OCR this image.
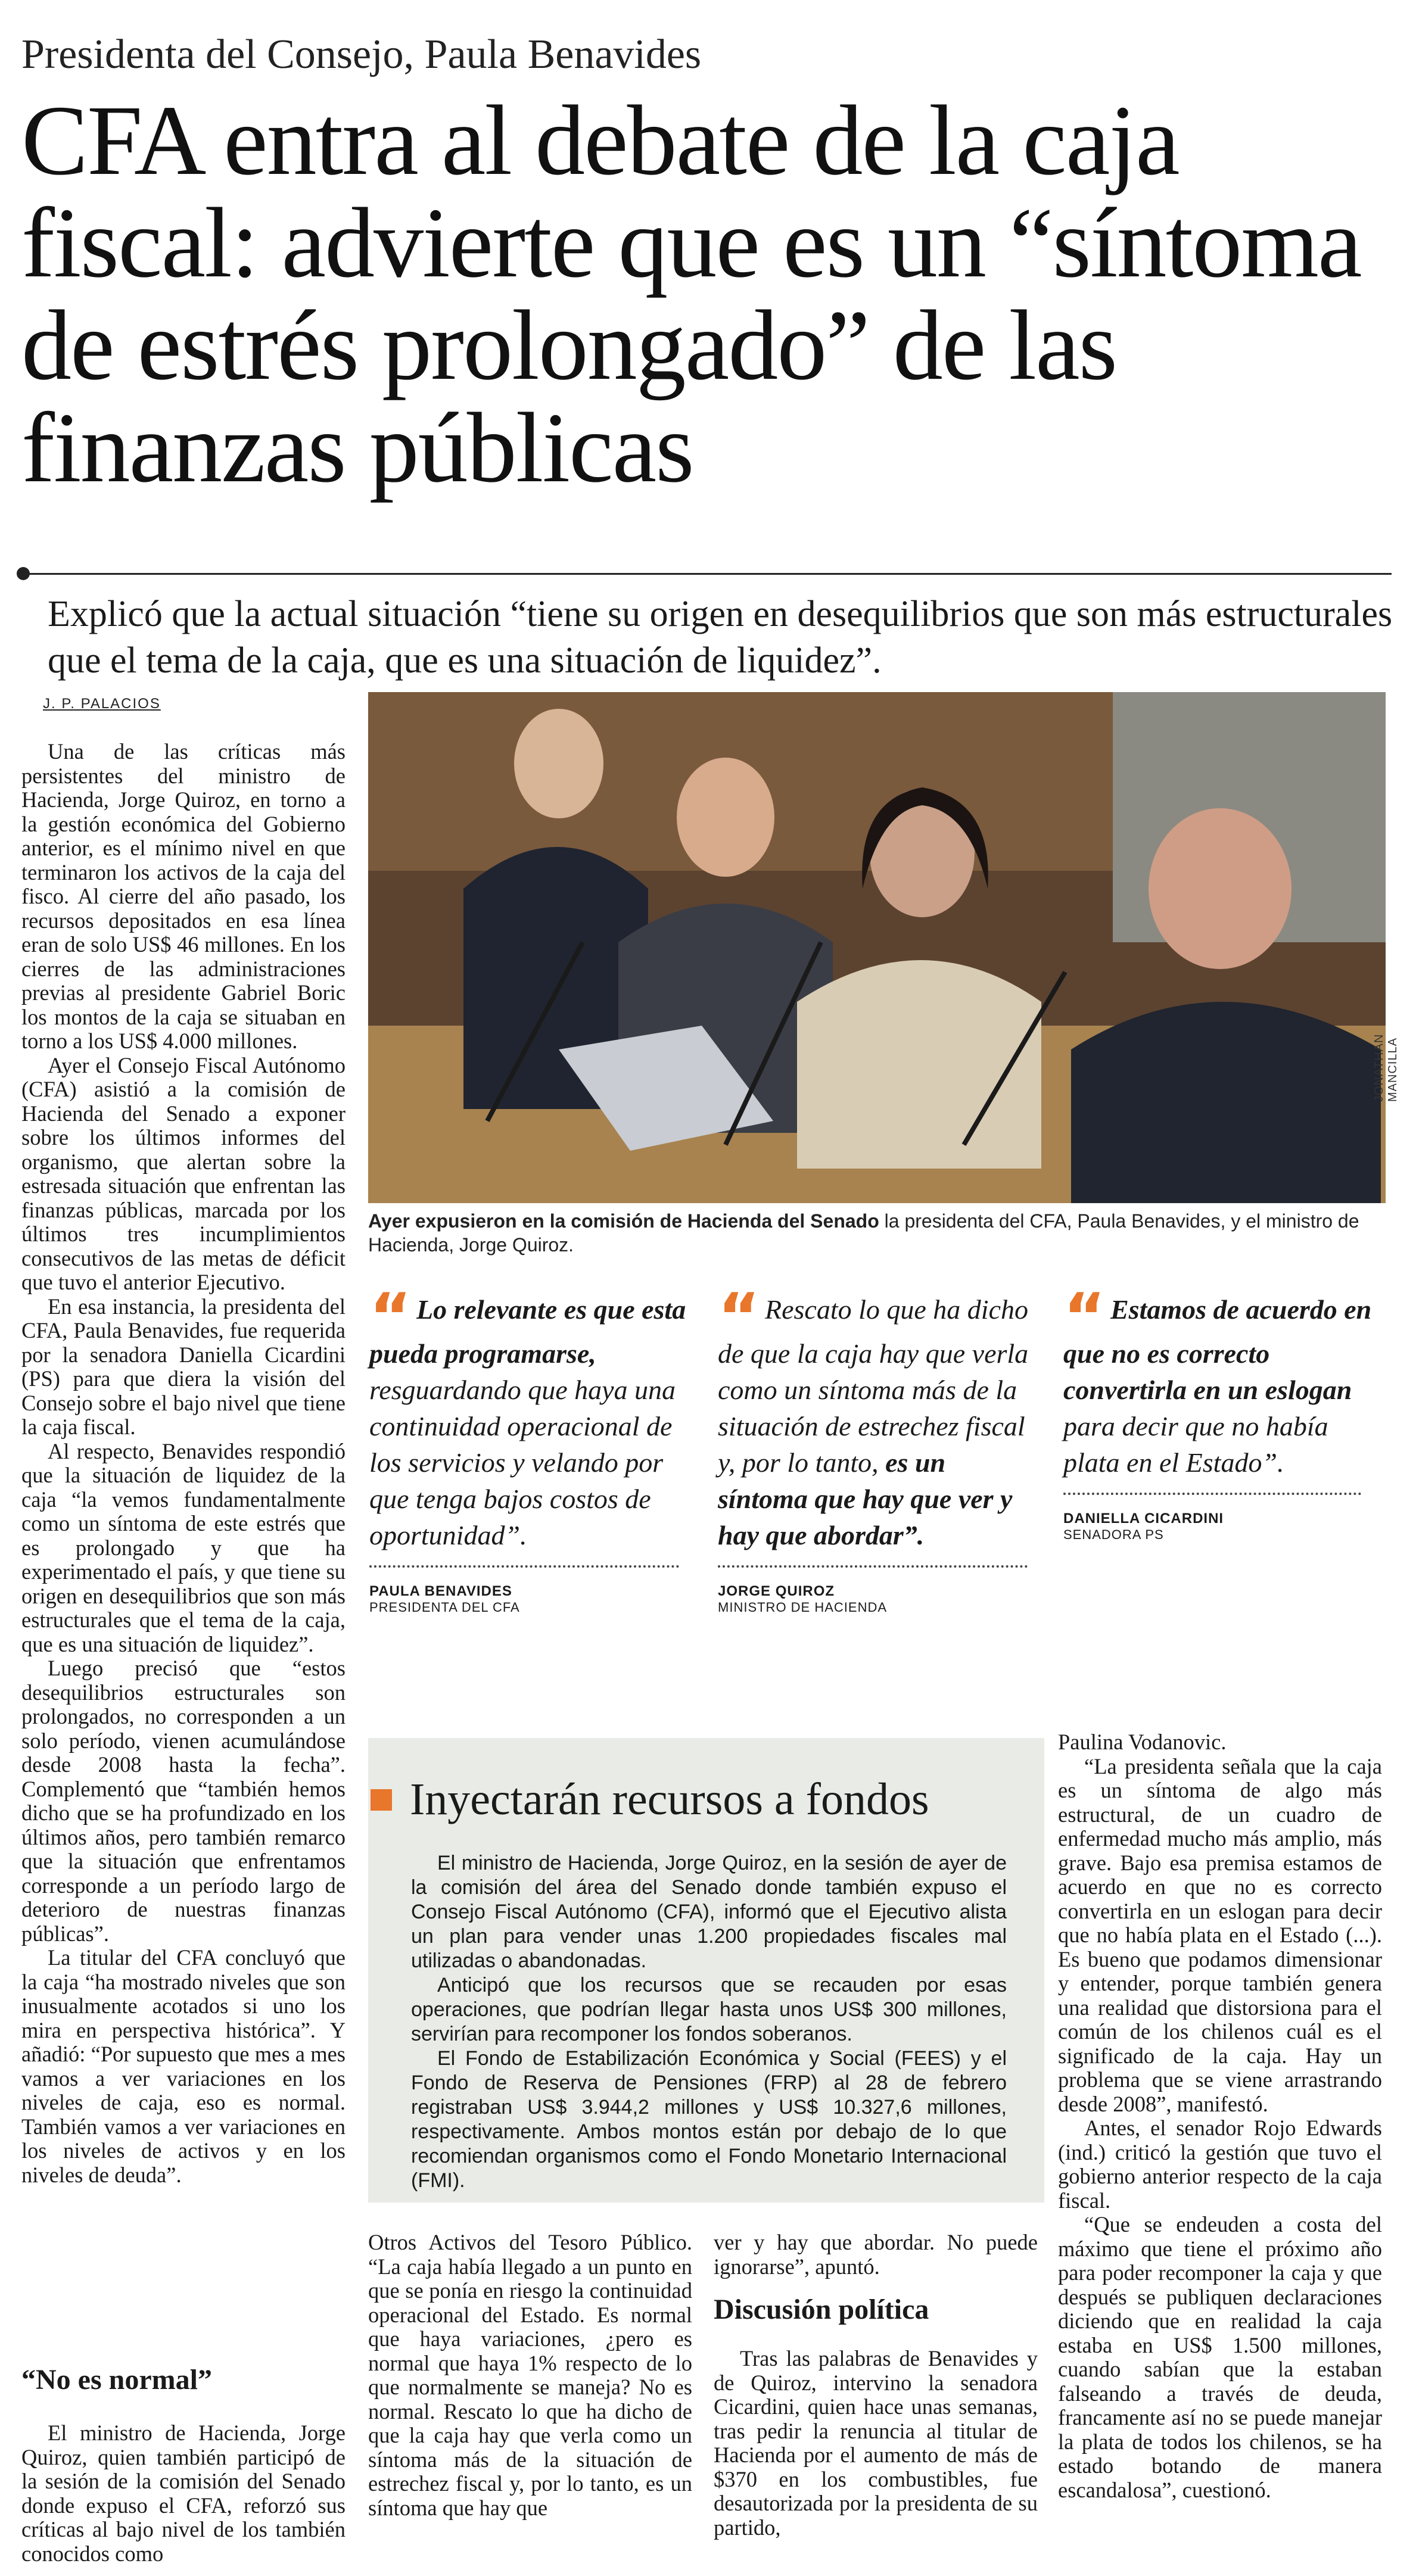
Presidenta del Consejo, Paula Benavides
CFA entra al debate de la caja fiscal: advierte que es un “síntoma de estrés prolongado” de las finanzas públicas
Explicó que la actual situación “tiene su origen en desequilibrios que son más estructurales que el tema de la caja, que es una situación de liquidez”.
J. P. PALACIOS

Una de las críticas más persistentes del ministro de Hacienda, Jorge Quiroz, en torno a la gestión económica del Gobierno anterior, es el mínimo nivel en que terminaron los activos de la caja del fisco. Al cierre del año pasado, los recursos depositados en esa línea eran de solo US$ 46 millones. En los cierres de las administraciones previas al presidente Gabriel Boric los montos de la caja se situaban en torno a los US$ 4.000 millones.

Ayer el Consejo Fiscal Autónomo (CFA) asistió a la comisión de Hacienda del Senado a exponer sobre los últimos informes del organismo, que alertan sobre la estresada situación que enfrentan las finanzas públicas, marcada por los últimos tres incumplimientos consecutivos de las metas de déficit que tuvo el anterior Ejecutivo.

En esa instancia, la presidenta del CFA, Paula Benavides, fue requerida por la senadora Daniella Cicardini (PS) para que diera la visión del Consejo sobre el bajo nivel que tiene la caja fiscal.

Al respecto, Benavides respondió que la situación de liquidez de la caja “la vemos fundamentalmente como un síntoma de este estrés que es prolongado y que ha experimentado el país, y que tiene su origen en desequilibrios que son más estructurales que el tema de la caja, que es una situación de liquidez”.

Luego precisó que “estos desequilibrios estructurales son prolongados, no corresponden a un solo período, vienen acumulándose desde 2008 hasta la fecha”. Complementó que “también hemos dicho que se ha profundizado en los últimos años, pero también remarco que la situación que enfrentamos corresponde a un período largo de deterioro de nuestras finanzas públicas”.

La titular del CFA concluyó que la caja “ha mostrado niveles que son inusualmente acotados si uno los mira en perspectiva histórica”. Y añadió: “Por supuesto que mes a mes vamos a ver variaciones en los niveles de caja, eso es normal. También vamos a ver variaciones en los niveles de activos y en los niveles de deuda”.

“No es normal”

El ministro de Hacienda, Jorge Quiroz, quien también participó de la sesión de la comisión del Senado donde expuso el CFA, reforzó sus críticas al bajo nivel de los también conocidos como

JONATHAN MANCILLA
Ayer expusieron en la comisión de Hacienda del Senado la presidenta del CFA, Paula Benavides, y el ministro de Hacienda, Jorge Quiroz.
“ Lo relevante es que esta pueda programarse, resguardando que haya una continuidad operacional de los servicios y velando por que tenga bajos costos de oportunidad”.
PAULA BENAVIDES
PRESIDENTA DEL CFA
“ Rescato lo que ha dicho de que la caja hay que verla como un síntoma más de la situación de estrechez fiscal y, por lo tanto, es un síntoma que hay que ver y hay que abordar”.
JORGE QUIROZ
MINISTRO DE HACIENDA
“ Estamos de acuerdo en que no es correcto convertirla en un eslogan para decir que no había plata en el Estado”.
DANIELLA CICARDINI
SENADORA PS
Inyectarán recursos a fondos

El ministro de Hacienda, Jorge Quiroz, en la sesión de ayer de la comisión del área del Senado donde también expuso el Consejo Fiscal Autónomo (CFA), informó que el Ejecutivo alista un plan para vender unas 1.200 propiedades fiscales mal utilizadas o abandonadas.

Anticipó que los recursos que se recauden por esas operaciones, que podrían llegar hasta unos US$ 300 millones, servirían para recomponer los fondos soberanos.

El Fondo de Estabilización Económica y Social (FEES) y el Fondo de Reserva de Pensiones (FRP) al 28 de febrero registraban US$ 3.944,2 millones y US$ 10.327,6 millones, respectivamente. Ambos montos están por debajo de lo que recomiendan organismos como el Fondo Monetario Internacional (FMI).

Paulina Vodanovic.

“La presidenta señala que la caja es un síntoma de algo más estructural, de un cuadro de enfermedad mucho más amplio, más grave. Bajo esa premisa estamos de acuerdo en que no es correcto convertirla en un eslogan para decir que no había plata en el Estado (...). Es bueno que podamos dimensionar y entender, porque también genera una realidad que distorsiona para el común de los chilenos cuál es el significado de la caja. Hay un problema que se viene arrastrando desde 2008”, manifestó.

Antes, el senador Rojo Edwards (ind.) criticó la gestión que tuvo el gobierno anterior respecto de la caja fiscal.

“Que se endeuden a costa del máximo que tiene el próximo año para poder recomponer la caja y que después se publiquen declaraciones diciendo que en realidad la caja estaba en US$ 1.500 millones, cuando sabían que la estaban falseando a través de deuda, francamente así no se puede manejar la plata de todos los chilenos, se ha estado botando de manera escandalosa”, cuestionó.

Otros Activos del Tesoro Público. “La caja había llegado a un punto en que se ponía en riesgo la continuidad operacional del Estado. Es normal que haya variaciones, ¿pero es normal que haya 1% respecto de lo que normalmente se maneja? No es normal. Rescato lo que ha dicho de que la caja hay que verla como un síntoma más de la situación de estrechez fiscal y, por lo tanto, es un síntoma que hay que

ver y hay que abordar. No puede ignorarse”, apuntó.

Discusión política

Tras las palabras de Benavides y de Quiroz, intervino la senadora Cicardini, quien hace unas semanas, tras pedir la renuncia al titular de Hacienda por el aumento de más de $370 en los combustibles, fue desautorizada por la presidenta de su partido,
